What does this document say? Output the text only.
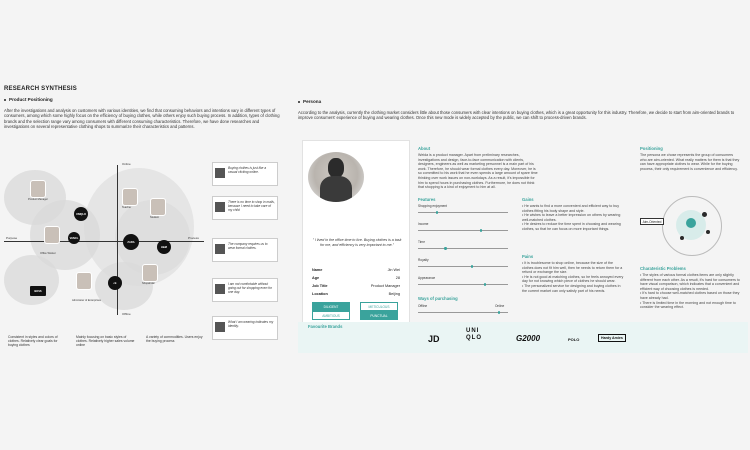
RESEARCH SYNTHESIS
Product Positioning
After the investigations and analysis on customers with various identities, we find that consuming behaviors and intentions vary in different types of consumers, among which some highly focus on the efficiency of buying clothes, while others enjoy such buying process. In addition, types of clothing brands and the selection range vary among consumers with different consuming characteristics. Therefore, we have done researches and investigations on several representative clothing shops to summarize their characteristics and patterns.
Online
Offline
Purpose	Process
UNIQLO
ZARA
H&M
BOSS
ck
VANCL
Product Manager
Office Worker
Administer of Enterprises
Teacher
Shopaholic
Student
Buying clothes is just like a casual clicking online.
There is no time to shop in malls, because I need to take care of my child
The company requires us to wear formal clothes.
I am not comfortable without going out for shopping even for one day.
What I am wearing indicates my identity.
Consistent in styles and colors of clothes. Relatively clear goals for buying clothes
Mainly focusing on basic styles of clothes. Relatively higher sales volume online
A variety of commodities. Users enjoy the buying process
Persona
According to the analysis, currently the clothing market considers little about those consumers with clear intentions on buying clothes, which is a great opportunity for this industry. Therefore, we decide to start from aim-oriented brands to improve consumers' experience of buying and wearing clothes. Once this new mode is widely accepted by the public, we can shift to process-driven brands.
" I lived in the office time to live. Buying clothes is a task for me, and efficiency is very important to me."
Name	Jin Wei
Age	28
Job Title	Product Manager
Location	Beijing
DILIGENT	METICULOUS
AMBITIOUS	PUNCTUAL
About
Weida is a product manager. Apart from preliminary researches, investigations and design, face-to-face communication with clients, designers, engineers as well as marketing personnel is a main part of his work. Therefore, he should wear formal clothes every day. Moreover, he is so committed to his work that he even spends a large amount of spare time thinking over work issues on non-workdays. As a result, it's impossible for him to spend hours in purchasing clothes. Furthermore, he does not think that shopping is a kind of enjoyment to him at all.
Features
Shopping enjoyment
Income
Time
Royalty
Appearance
Ways of purchasing
Offline	Online
Gains
• He wants to find a more convenient and efficient way to buy clothes fitting his body shape and style.
• He wishes to leave a better impression on others by wearing well-matched clothes.
• He desires to reduce the time spent in choosing and wearing clothes, so that he can focus on more important things.
Pains
• It is troublesome to shop online, because the size of the clothes does not fit him well, then he needs to return them for a refund or exchange the size.
• He is not good at matching clothes, so he feels annoyed every day for not knowing which piece of clothes he should wear.
• The personalized service for designing and buying clothes in the current market can only satisfy part of his needs.
Positioning
The persona we chose represents the group of consumers who are aim-oriented. What really matters for them is that they can have appropriate clothes to wear. While for the buying process, their only requirement is convenience and efficiency.
Aim-Oriented
Charateristic Problems
• The styles of various formal clothes items are only slightly different from each other. As a result, it's hard for consumers to have visual comparison, which indicates that a convenient and efficient way of choosing clothes is needed.
• It's hard to choose well-matched clothes based on those they have already had.
• There is limited time in the morning and not enough time to consider the wearing effect.
Favourite Brands
JD
UNI QLO	G2000	POLO	Hardy Amies
